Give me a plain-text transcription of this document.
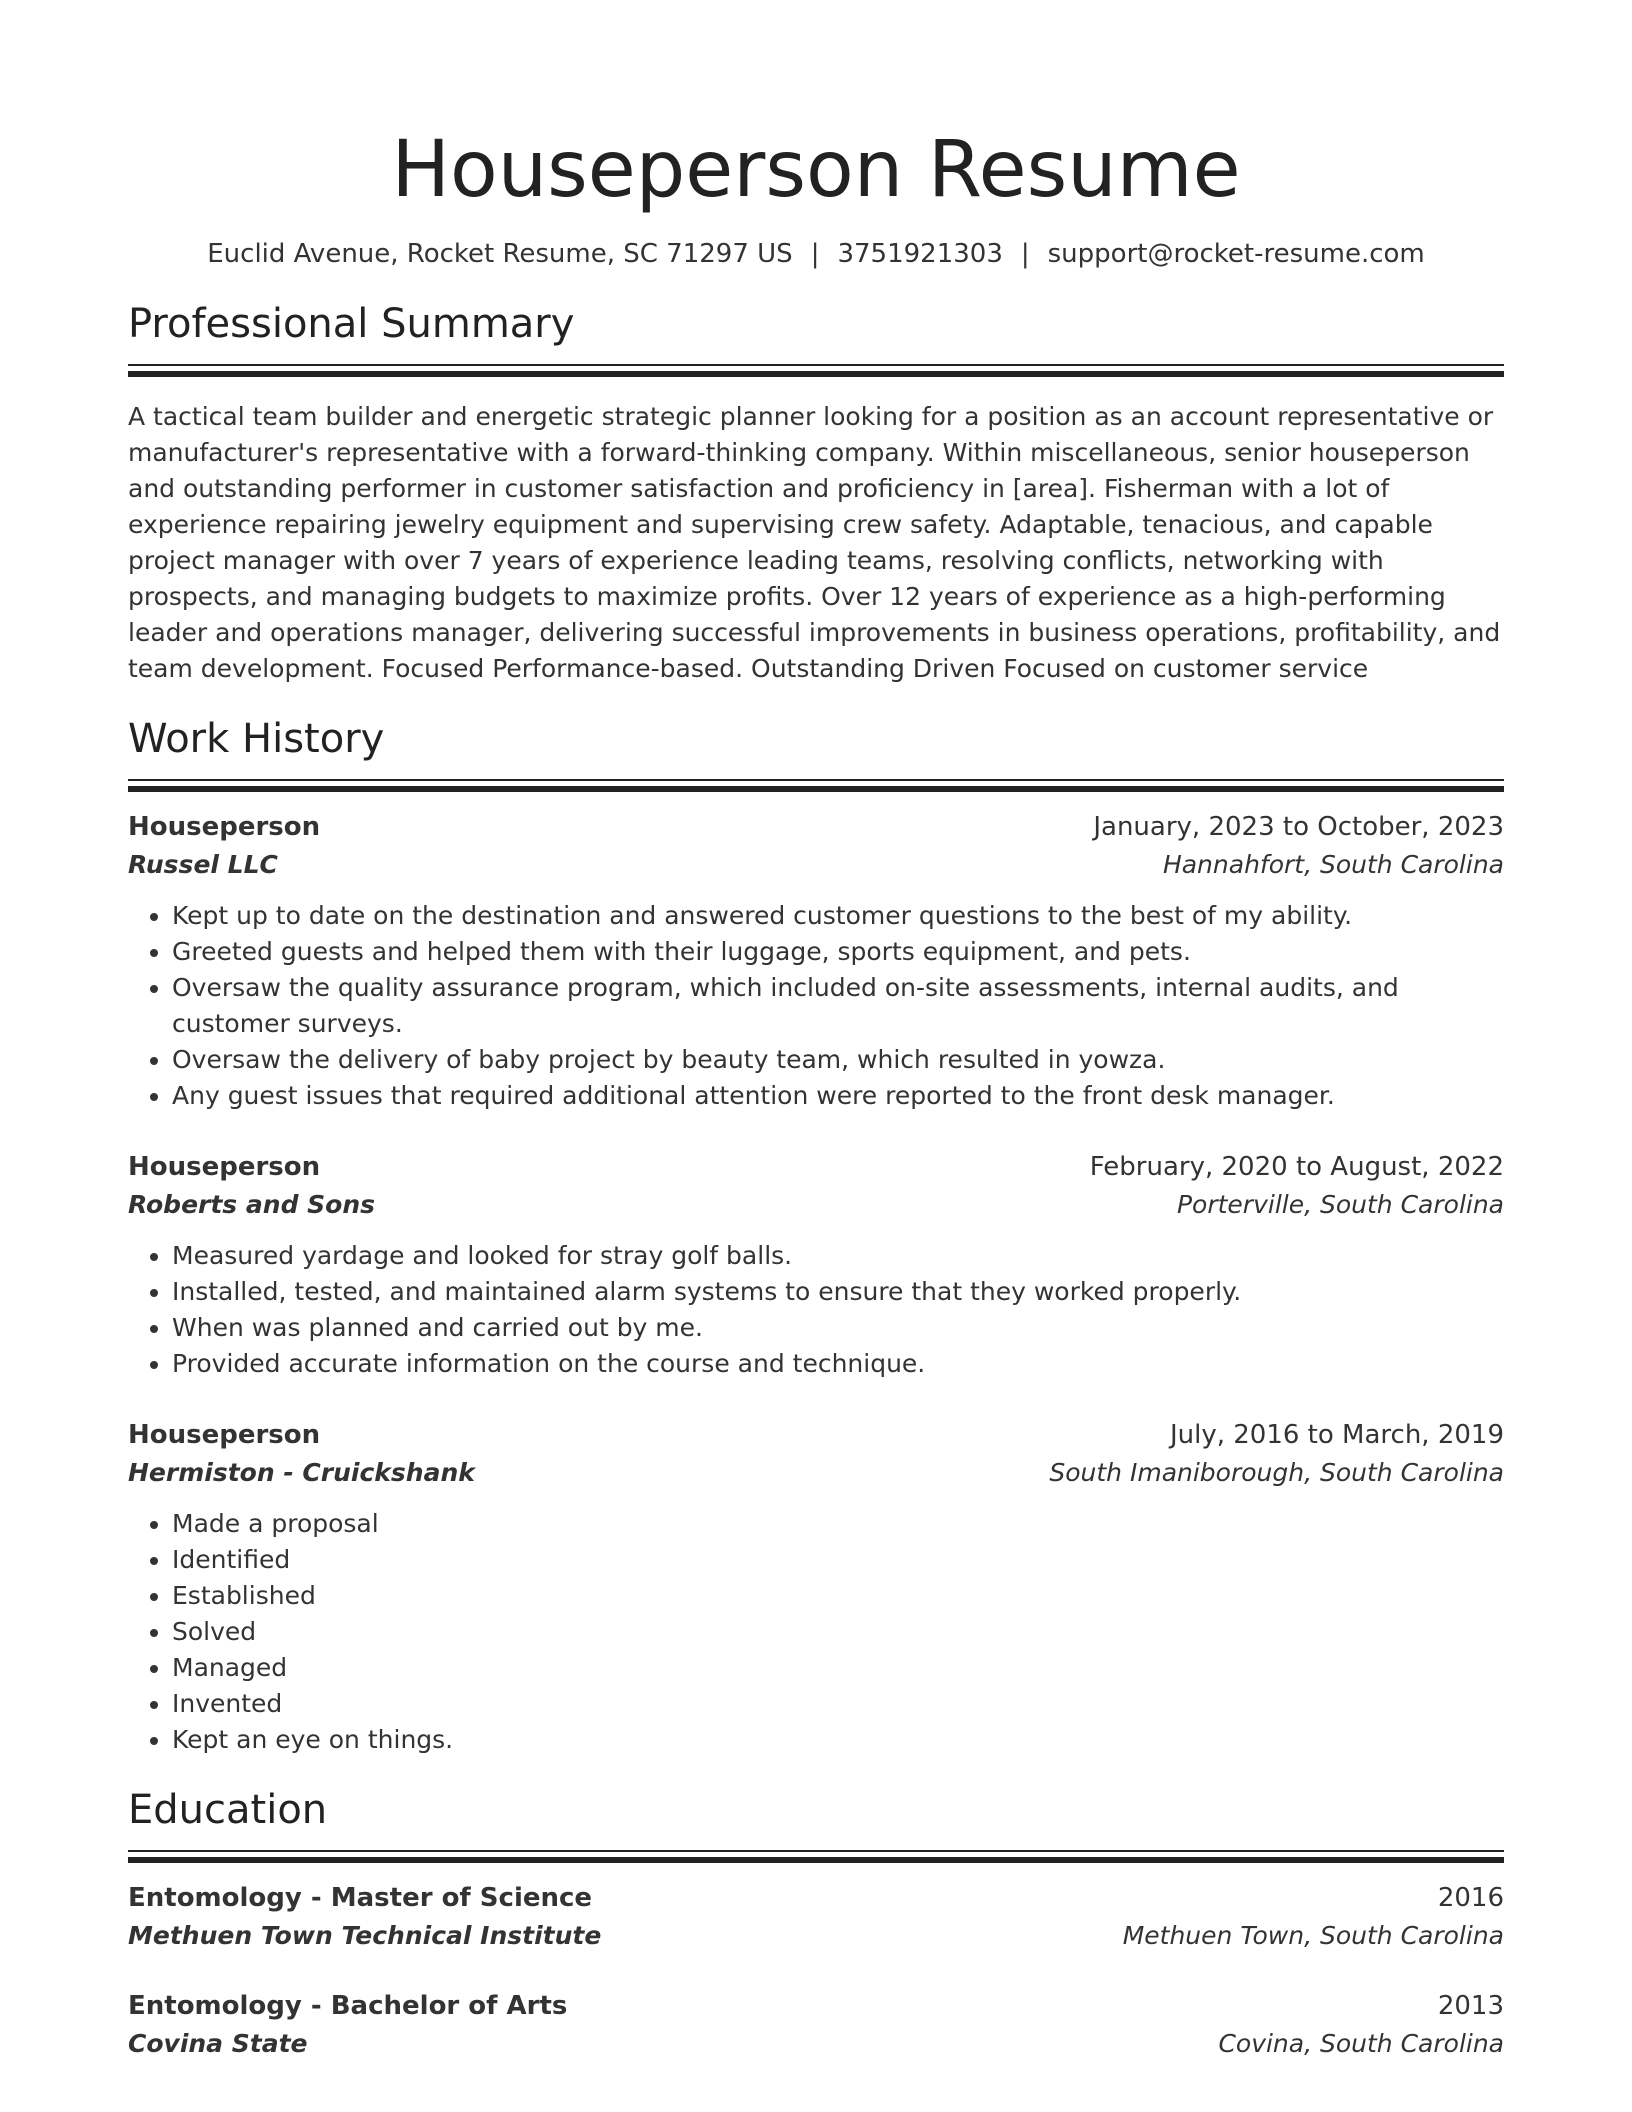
Houseperson Resume
Euclid Avenue, Rocket Resume, SC 71297 US | 3751921303 | support@rocket-resume.com
Professional Summary
A tactical team builder and energetic strategic planner looking for a position as an account representative or manufacturer's representative with a forward-thinking company. Within miscellaneous, senior houseperson and outstanding performer in customer satisfaction and proficiency in [area]. Fisherman with a lot of experience repairing jewelry equipment and supervising crew safety. Adaptable, tenacious, and capable project manager with over 7 years of experience leading teams, resolving conflicts, networking with prospects, and managing budgets to maximize profits. Over 12 years of experience as a high-performing leader and operations manager, delivering successful improvements in business operations, profitability, and team development. Focused Performance-based. Outstanding Driven Focused on customer service
Work History
Houseperson	January, 2023 to October, 2023
Russel LLC	Hannahfort, South Carolina
• Kept up to date on the destination and answered customer questions to the best of my ability.
• Greeted guests and helped them with their luggage, sports equipment, and pets.
• Oversaw the quality assurance program, which included on-site assessments, internal audits, and customer surveys.
• Oversaw the delivery of baby project by beauty team, which resulted in yowza.
• Any guest issues that required additional attention were reported to the front desk manager.
Houseperson	February, 2020 to August, 2022
Roberts and Sons	Porterville, South Carolina
• Measured yardage and looked for stray golf balls.
• Installed, tested, and maintained alarm systems to ensure that they worked properly.
• When was planned and carried out by me.
• Provided accurate information on the course and technique.
Houseperson	July, 2016 to March, 2019
Hermiston - Cruickshank	South Imaniborough, South Carolina
• Made a proposal
• Identified
• Established
• Solved
• Managed
• Invented
• Kept an eye on things.
Education
Entomology - Master of Science	2016
Methuen Town Technical Institute	Methuen Town, South Carolina
Entomology - Bachelor of Arts	2013
Covina State	Covina, South Carolina
